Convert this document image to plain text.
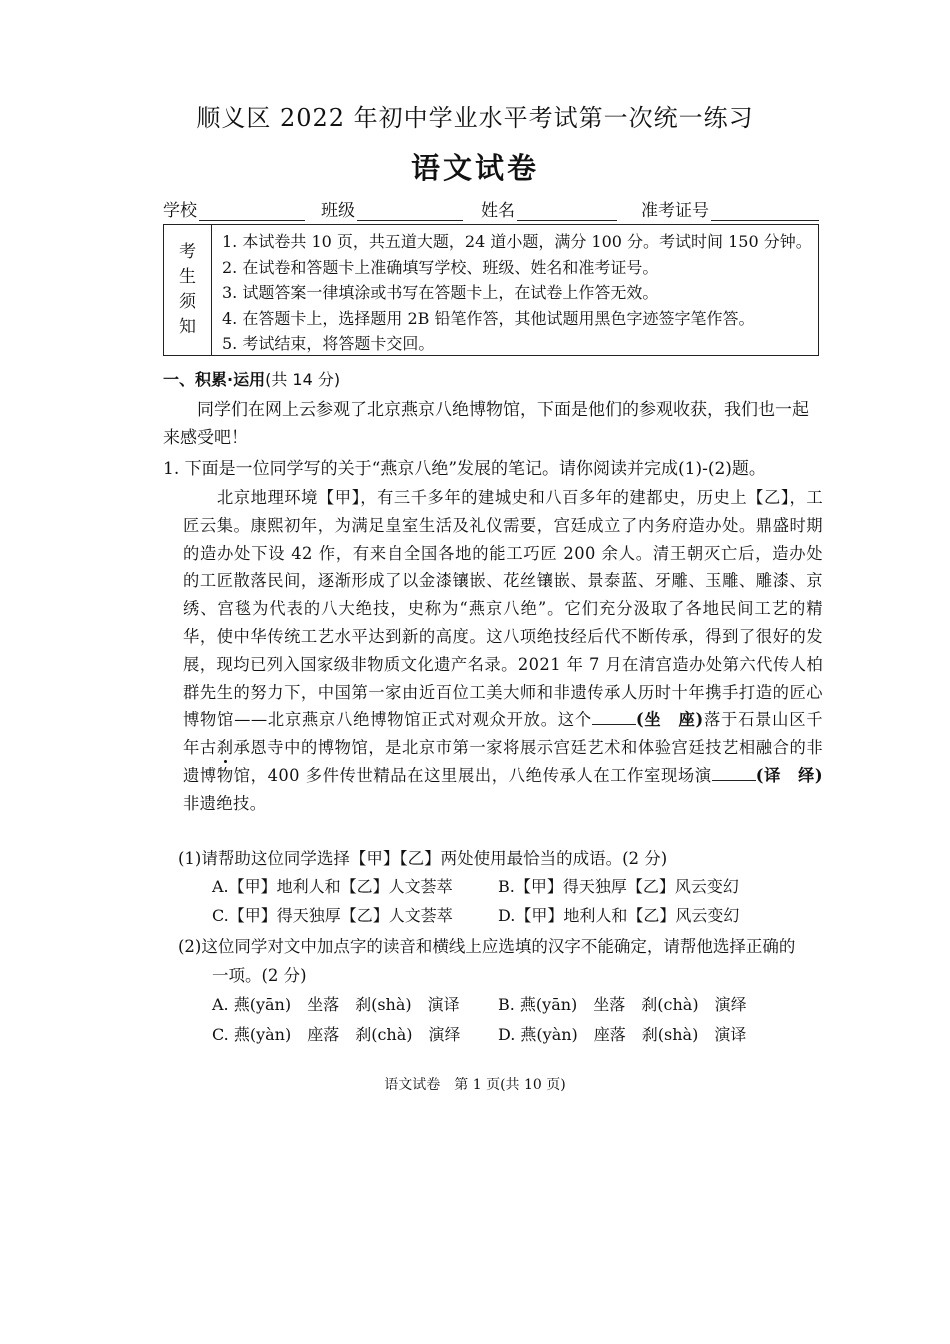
顺义区 2022 年初中学业水平考试第一次统一练习
语文试卷
学校	班级	姓名	准考证号
考
生
须
知
1. 本试卷共 10 页，共五道大题，24 道小题，满分 100 分。考试时间 150 分钟。
2. 在试卷和答题卡上准确填写学校、班级、姓名和准考证号。
3. 试题答案一律填涂或书写在答题卡上，在试卷上作答无效。
4. 在答题卡上，选择题用 2B 铅笔作答，其他试题用黑色字迹签字笔作答。
5. 考试结束，将答题卡交回。
一、积累·运用(共 14 分)
同学们在网上云参观了北京燕京八绝博物馆，下面是他们的参观收获，我们也一起来感受吧！
1. 下面是一位同学写的关于“燕京八绝”发展的笔记。请你阅读并完成(1)-(2)题。
北京地理环境【甲】，有三千多年的建城史和八百多年的建都史，历史上【乙】，工匠云集。康熙初年，为满足皇室生活及礼仪需要，宫廷成立了内务府造办处。鼎盛时期的造办处下设 42 作，有来自全国各地的能工巧匠 200 余人。清王朝灭亡后，造办处的工匠散落民间，逐渐形成了以金漆镶嵌、花丝镶嵌、景泰蓝、牙雕、玉雕、雕漆、京绣、宫毯为代表的八大绝技，史称为“燕京八绝”。它们充分汲取了各地民间工艺的精华，使中华传统工艺水平达到新的高度。这八项绝技经后代不断传承，得到了很好的发展，现均已列入国家级非物质文化遗产名录。2021 年 7 月在清宫造办处第六代传人柏群先生的努力下，中国第一家由近百位工美大师和非遗传承人历时十年携手打造的匠心博物馆——北京燕京八绝博物馆正式对观众开放。这个	(坐　座)落于石景山区千年古刹承恩寺中的博物馆，是北京市第一家将展示宫廷艺术和体验宫廷技艺相融合的非遗博物馆，400 多件传世精品在这里展出，八绝传承人在工作室现场演	(译　绎)非遗绝技。
(1)请帮助这位同学选择【甲】【乙】两处使用最恰当的成语。(2 分)
A.【甲】地利人和【乙】人文荟萃	B.【甲】得天独厚【乙】风云变幻
C.【甲】得天独厚【乙】人文荟萃	D.【甲】地利人和【乙】风云变幻
(2)这位同学对文中加点字的读音和横线上应选填的汉字不能确定，请帮他选择正确的
一项。(2 分)
A. 燕(yān)　坐落　刹(shà)　演译 B. 燕(yān)　坐落　刹(chà)　演绎
C. 燕(yàn)　座落　刹(chà)　演绎 D. 燕(yàn)　座落　刹(shà)　演译
语文试卷　第 1 页(共 10 页)
